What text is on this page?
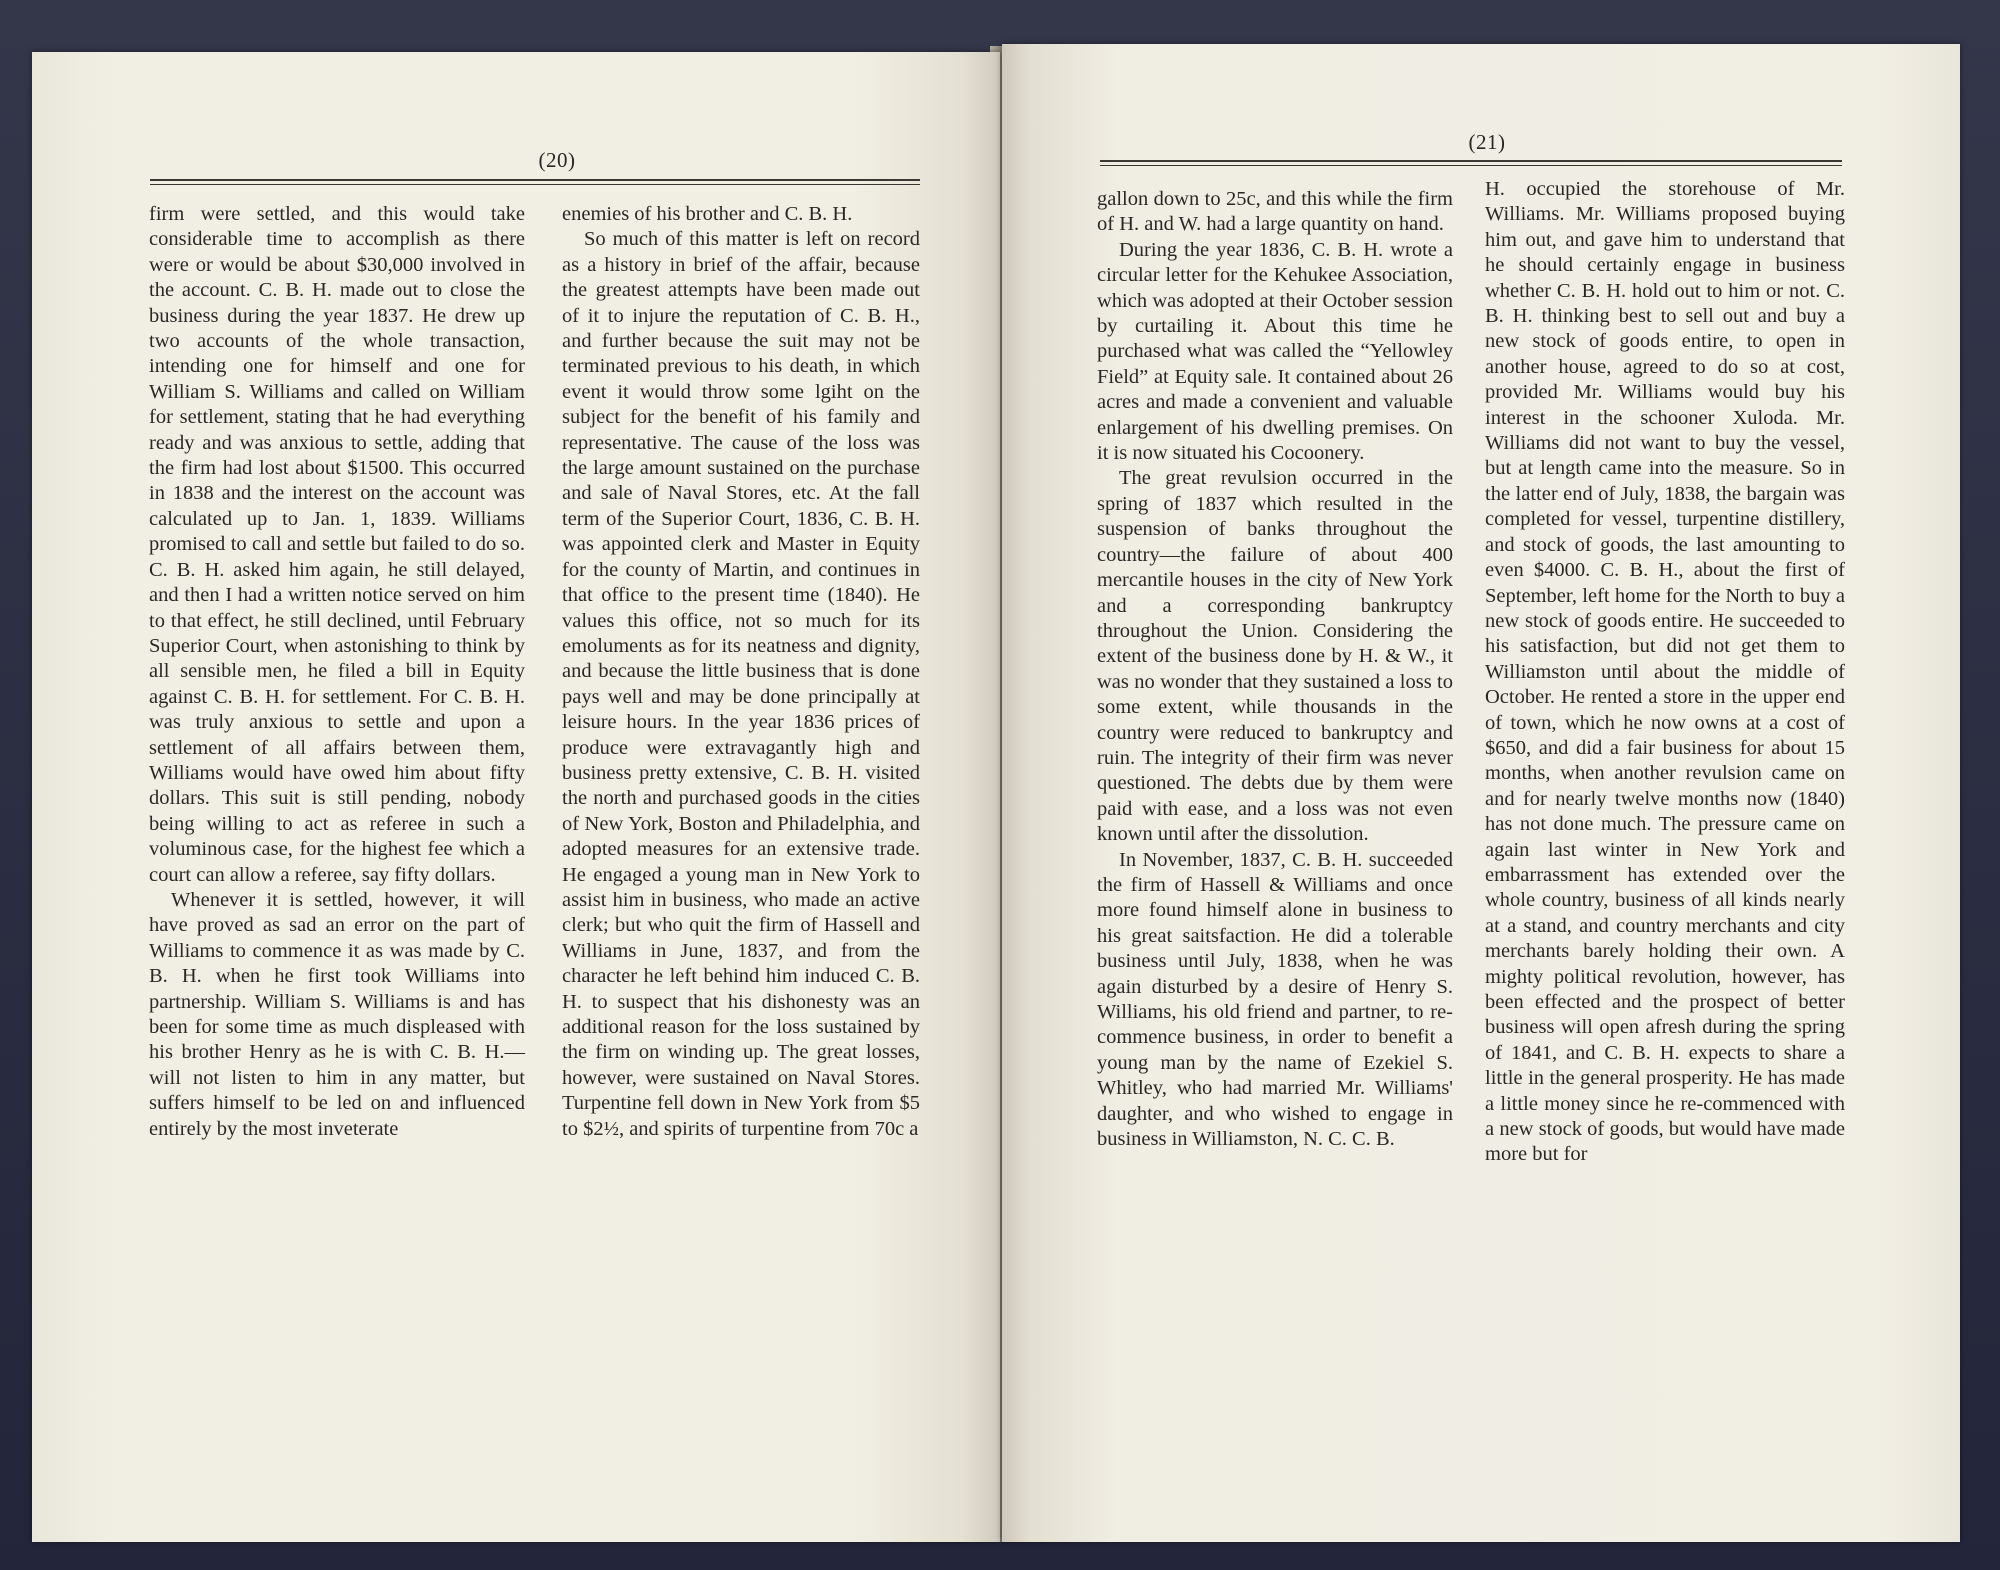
(20)

firm were settled, and this would take considerable time to accomplish as there were or would be about $30,000 involved in the account. C. B. H. made out to close the business during the year 1837. He drew up two accounts of the whole transaction, intending one for himself and one for William S. Williams and called on William for settlement, stating that he had everything ready and was anxious to settle, adding that the firm had lost about $1500. This occurred in 1838 and the interest on the account was calculated up to Jan. 1, 1839. Williams promised to call and settle but failed to do so. C. B. H. asked him again, he still delayed, and then I had a written notice served on him to that effect, he still declined, until February Superior Court, when astonishing to think by all sensible men, he filed a bill in Equity against C. B. H. for settlement. For C. B. H. was truly anxious to settle and upon a settlement of all affairs between them, Williams would have owed him about fifty dollars. This suit is still pending, nobody being willing to act as referee in such a voluminous case, for the highest fee which a court can allow a referee, say fifty dollars.

Whenever it is settled, however, it will have proved as sad an error on the part of Williams to commence it as was made by C. B. H. when he first took Williams into partnership. William S. Williams is and has been for some time as much displeased with his brother Henry as he is with C. B. H.—will not listen to him in any matter, but suffers himself to be led on and influenced entirely by the most inveterate

enemies of his brother and C. B. H.

So much of this matter is left on record as a history in brief of the affair, because the greatest attempts have been made out of it to injure the reputation of C. B. H., and further because the suit may not be terminated previous to his death, in which event it would throw some lgiht on the subject for the benefit of his family and representative. The cause of the loss was the large amount sustained on the purchase and sale of Naval Stores, etc. At the fall term of the Superior Court, 1836, C. B. H. was appointed clerk and Master in Equity for the county of Martin, and continues in that office to the present time (1840). He values this office, not so much for its emoluments as for its neatness and dignity, and because the little business that is done pays well and may be done principally at leisure hours. In the year 1836 prices of produce were extravagantly high and business pretty extensive, C. B. H. visited the north and purchased goods in the cities of New York, Boston and Philadelphia, and adopted measures for an extensive trade. He engaged a young man in New York to assist him in business, who made an active clerk; but who quit the firm of Hassell and Williams in June, 1837, and from the character he left behind him induced C. B. H. to suspect that his dishonesty was an additional reason for the loss sustained by the firm on winding up. The great losses, however, were sustained on Naval Stores. Turpentine fell down in New York from $5 to $2½, and spirits of turpentine from 70c a

(21)

gallon down to 25c, and this while the firm of H. and W. had a large quantity on hand.

During the year 1836, C. B. H. wrote a circular letter for the Kehukee Association, which was adopted at their October session by curtailing it. About this time he purchased what was called the “Yellowley Field” at Equity sale. It contained about 26 acres and made a convenient and valuable enlargement of his dwelling premises. On it is now situated his Cocoonery.

The great revulsion occurred in the spring of 1837 which resulted in the suspension of banks throughout the country—the failure of about 400 mercantile houses in the city of New York and a corresponding bankruptcy throughout the Union. Considering the extent of the business done by H. & W., it was no wonder that they sustained a loss to some extent, while thousands in the country were reduced to bankruptcy and ruin. The integrity of their firm was never questioned. The debts due by them were paid with ease, and a loss was not even known until after the dissolution.

In November, 1837, C. B. H. succeeded the firm of Hassell & Williams and once more found himself alone in business to his great saitsfaction. He did a tolerable business until July, 1838, when he was again disturbed by a desire of Henry S. Williams, his old friend and partner, to re-commence business, in order to benefit a young man by the name of Ezekiel S. Whitley, who had married Mr. Williams' daughter, and who wished to engage in business in Williamston, N. C. C. B.

H. occupied the storehouse of Mr. Williams. Mr. Williams proposed buying him out, and gave him to understand that he should certainly engage in business whether C. B. H. hold out to him or not. C. B. H. thinking best to sell out and buy a new stock of goods entire, to open in another house, agreed to do so at cost, provided Mr. Williams would buy his interest in the schooner Xuloda. Mr. Williams did not want to buy the vessel, but at length came into the measure. So in the latter end of July, 1838, the bargain was completed for vessel, turpentine distillery, and stock of goods, the last amounting to even $4000. C. B. H., about the first of September, left home for the North to buy a new stock of goods entire. He succeeded to his satisfaction, but did not get them to Williamston until about the middle of October. He rented a store in the upper end of town, which he now owns at a cost of $650, and did a fair business for about 15 months, when another revulsion came on and for nearly twelve months now (1840) has not done much. The pressure came on again last winter in New York and embarrassment has extended over the whole country, business of all kinds nearly at a stand, and country merchants and city merchants barely holding their own. A mighty political revolution, however, has been effected and the prospect of better business will open afresh during the spring of 1841, and C. B. H. expects to share a little in the general prosperity. He has made a little money since he re-commenced with a new stock of goods, but would have made more but for
